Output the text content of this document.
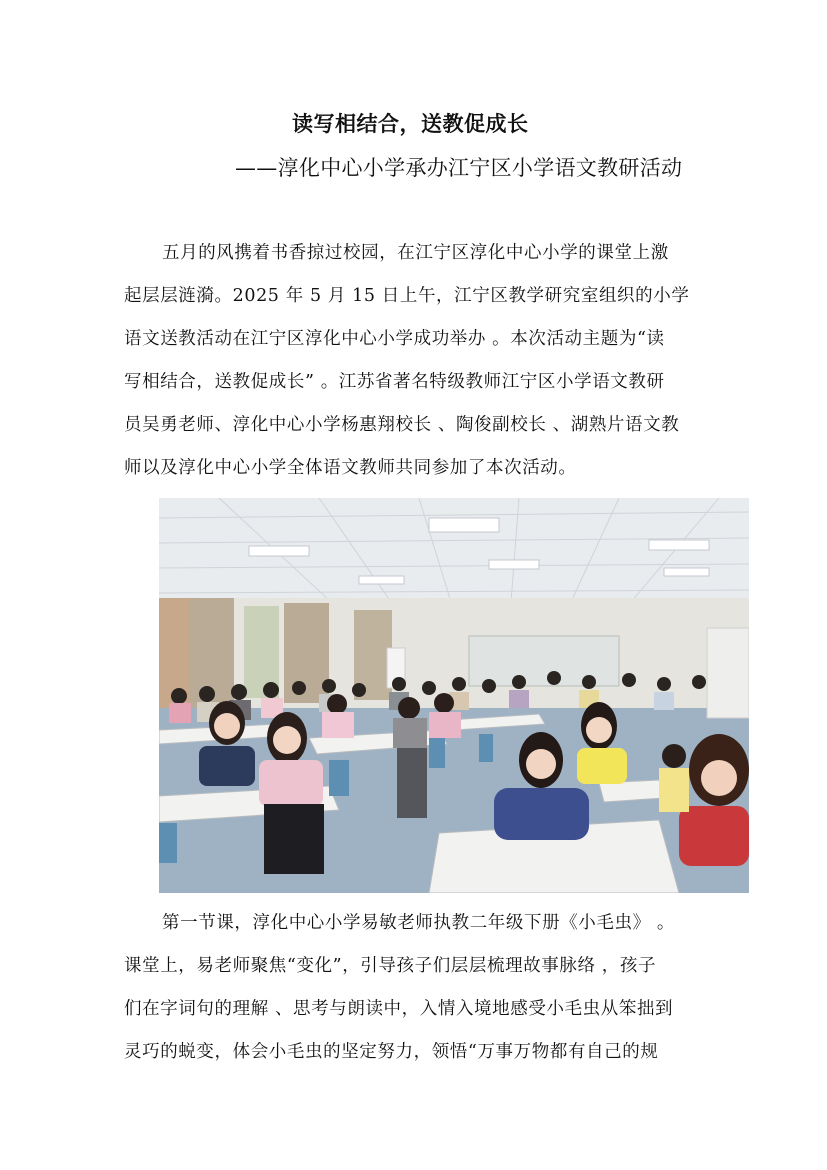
读写相结合，送教促成长
——淳化中心小学承办江宁区小学语文教研活动
五月的风携着书香掠过校园，在江宁区淳化中心小学的课堂上激
起层层涟漪。2025 年 5 月 15 日上午，江宁区教学研究室组织的小学
语文送教活动在江宁区淳化中心小学成功举办 。本次活动主题为“读
写相结合，送教促成长” 。江苏省著名特级教师江宁区小学语文教研
员吴勇老师、淳化中心小学杨惠翔校长 、陶俊副校长 、湖熟片语文教
师以及淳化中心小学全体语文教师共同参加了本次活动。
第一节课，淳化中心小学易敏老师执教二年级下册《小毛虫》 。
课堂上，易老师聚焦“变化”，引导孩子们层层梳理故事脉络 ，孩子
们在字词句的理解 、思考与朗读中，入情入境地感受小毛虫从笨拙到
灵巧的蜕变，体会小毛虫的坚定努力，领悟“万事万物都有自己的规
